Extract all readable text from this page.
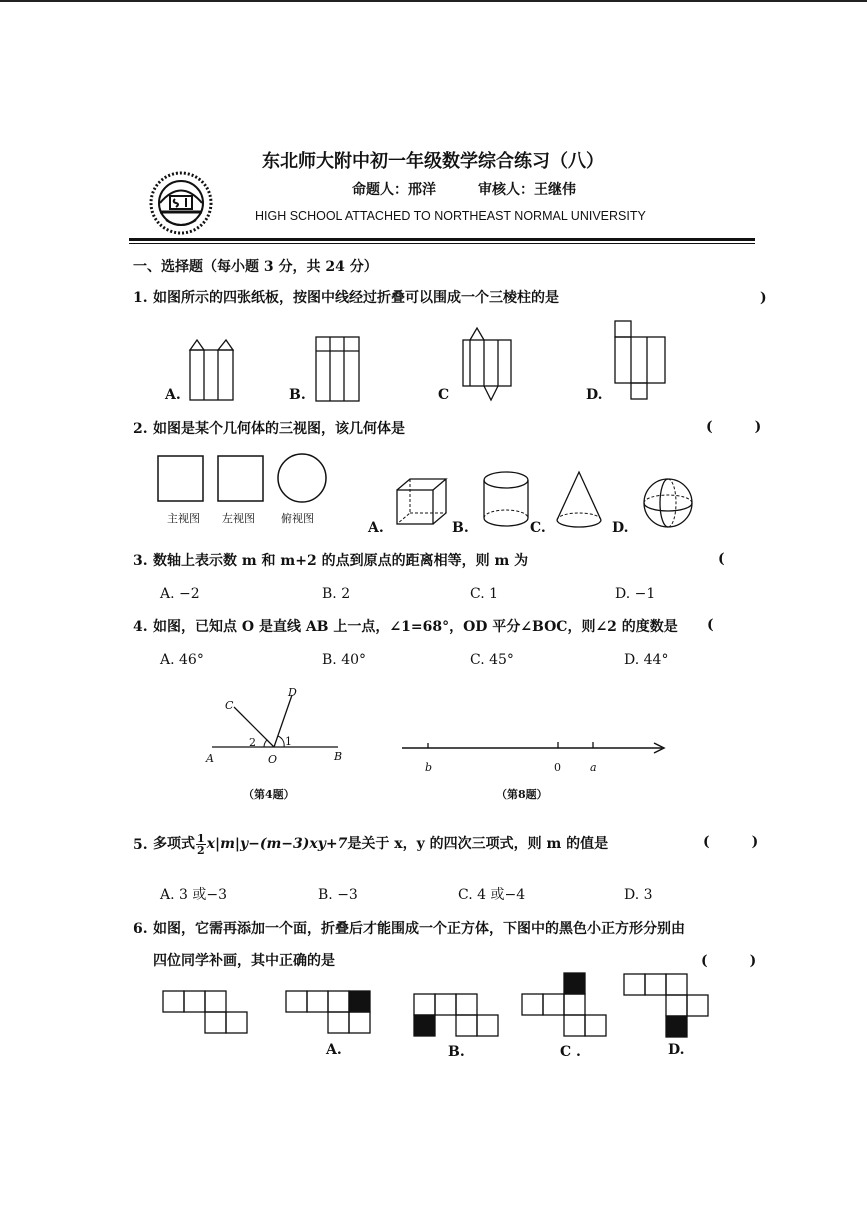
东北师大附中初一年级数学综合练习（八）
命题人：邢洋　　　审核人：王继伟
HIGH SCHOOL ATTACHED TO NORTHEAST NORMAL UNIVERSITY
一、选择题（每小题 3 分，共 24 分）
1. 如图所示的四张纸板，按图中线经过折叠可以围成一个三棱柱的是	)
A.	B.	C	D.
2. 如图是某个几何体的三视图，该几何体是	(　　　)
主视图 左视图 俯视图
A.	B.	C.	D.
3. 数轴上表示数 m 和 m+2 的点到原点的距离相等，则 m 为	(
A. −2	B. 2	C. 1	D. −1
4. 如图，已知点 O 是直线 AB 上一点，∠1=68°，OD 平分∠BOC，则∠2 的度数是 (
A. 46°	B. 40°	C. 45°	D. 44°
C
D
A	O	B
1
2
（第4题）
b	0	a
（第8题）
5. 多项式 $\frac{1}{2} x|m|y-(m-3)xy+7$是关于 x，y 的四次三项式，则 m 的值是	(　　　)
A. 3 或−3	B. −3	C. 4 或−4	D. 3
6. 如图，它需再添加一个面，折叠后才能围成一个正方体，下图中的黑色小正方形分别由
四位同学补画，其中正确的是	(　　　)
A.	B.	C .	D.
